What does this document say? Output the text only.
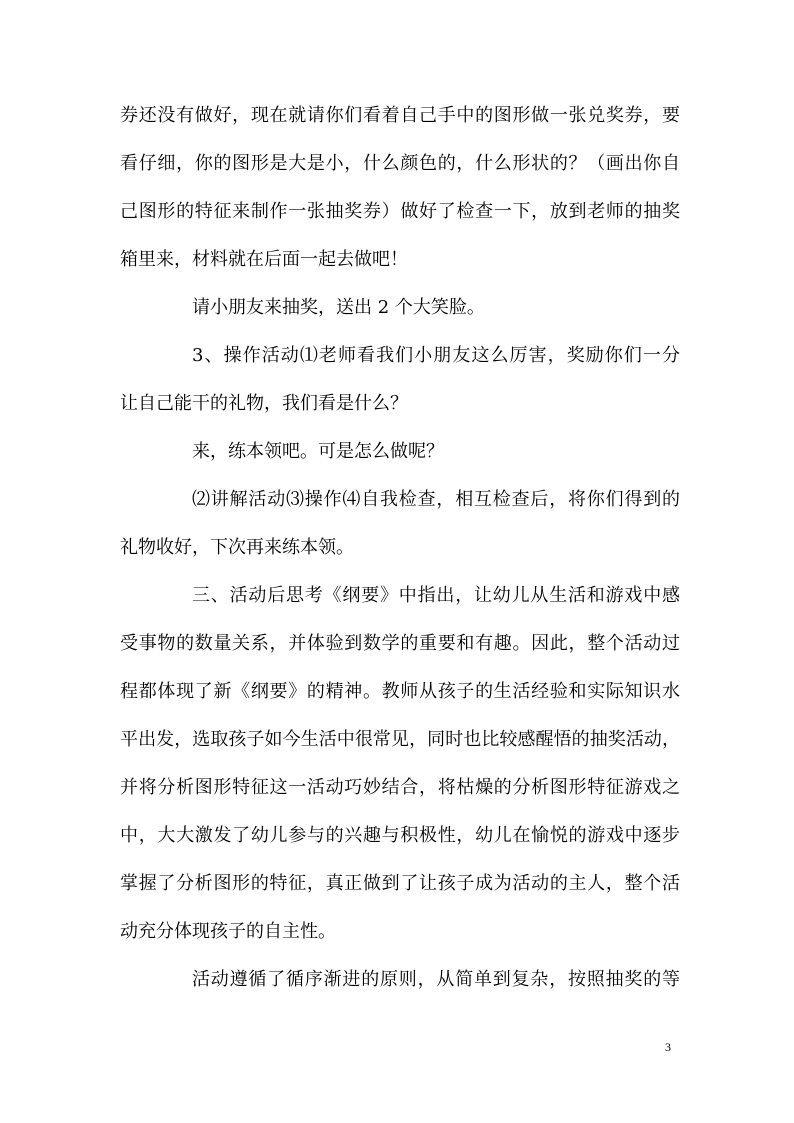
券还没有做好，现在就请你们看着自己手中的图形做一张兑奖券，要
看仔细，你的图形是大是小，什么颜色的，什么形状的？（画出你自
己图形的特征来制作一张抽奖券）做好了检查一下，放到老师的抽奖
箱里来，材料就在后面一起去做吧！
请小朋友来抽奖，送出 2 个大笑脸。
3、操作活动⑴老师看我们小朋友这么厉害，奖励你们一分
让自己能干的礼物，我们看是什么？
来，练本领吧。可是怎么做呢？
⑵讲解活动⑶操作⑷自我检查，相互检查后，将你们得到的
礼物收好，下次再来练本领。
三、活动后思考《纲要》中指出，让幼儿从生活和游戏中感
受事物的数量关系，并体验到数学的重要和有趣。因此，整个活动过
程都体现了新《纲要》的精神。教师从孩子的生活经验和实际知识水
平出发，选取孩子如今生活中很常见，同时也比较感醒悟的抽奖活动，
并将分析图形特征这一活动巧妙结合，将枯燥的分析图形特征游戏之
中，大大激发了幼儿参与的兴趣与积极性，幼儿在愉悦的游戏中逐步
掌握了分析图形的特征，真正做到了让孩子成为活动的主人，整个活
动充分体现孩子的自主性。
活动遵循了循序渐进的原则，从简单到复杂，按照抽奖的等
3
